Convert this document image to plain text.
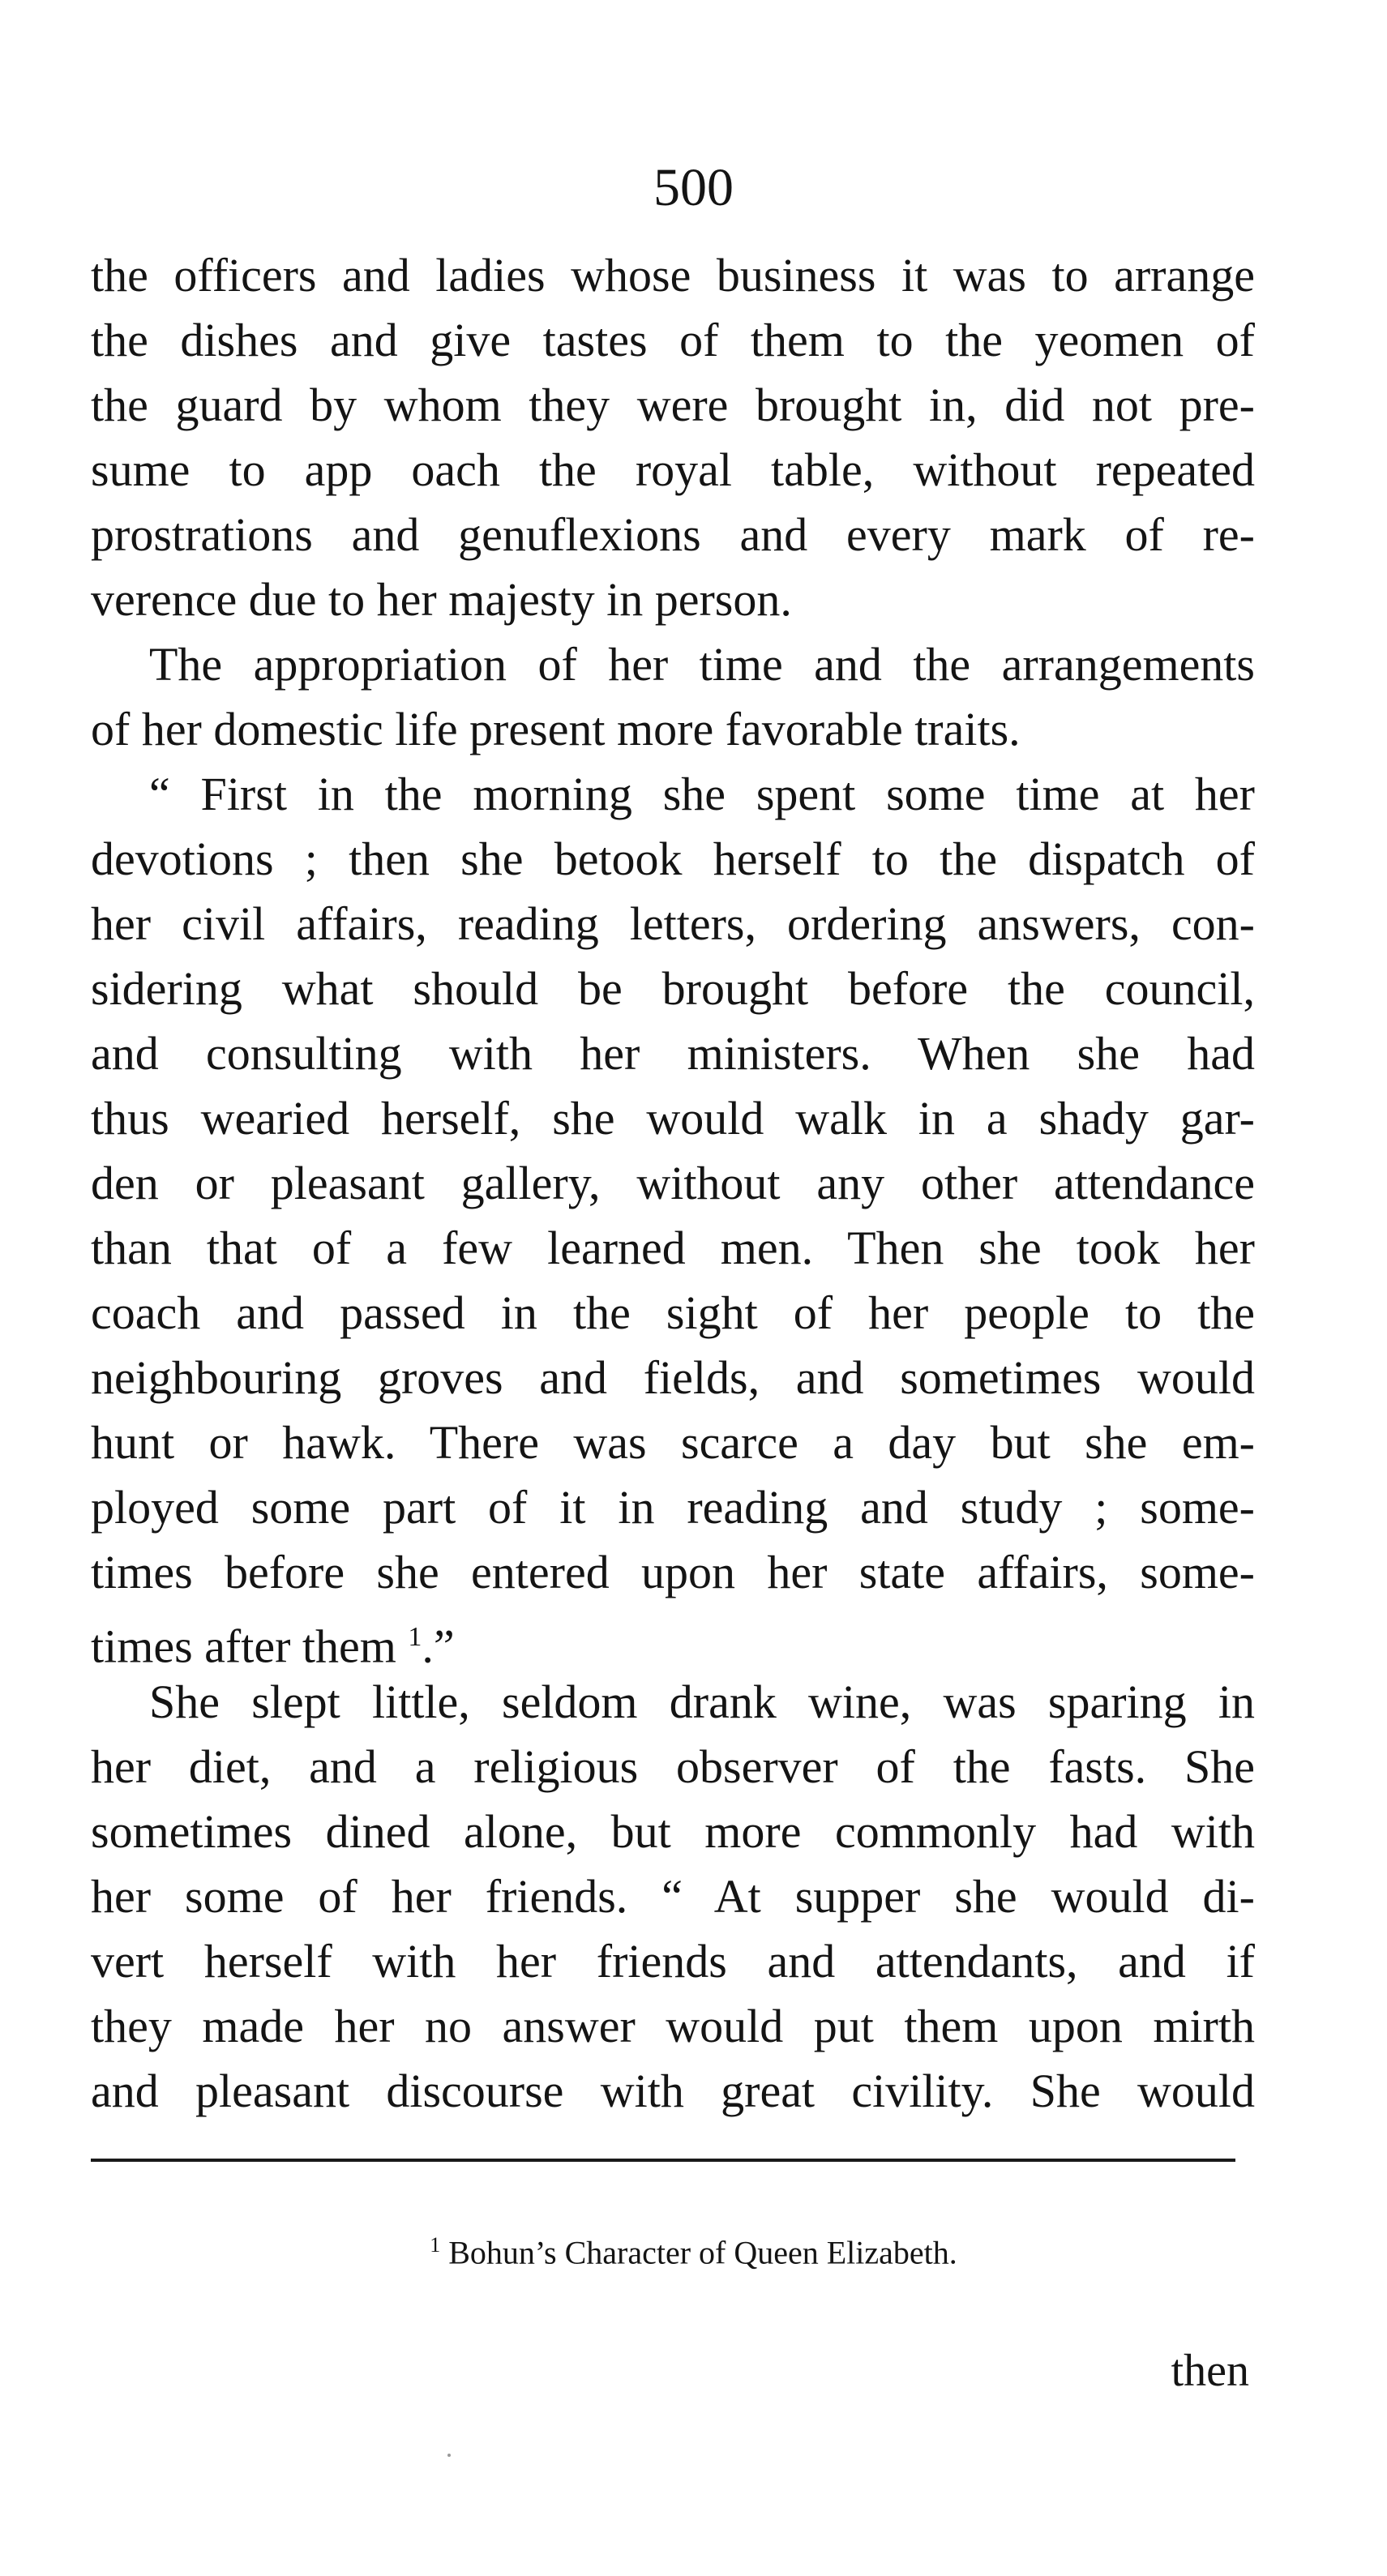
500
the officers and ladies whose business it was to arrange
the dishes and give tastes of them to the yeomen of
the guard by whom they were brought in, did not pre-
sume to app oach the royal table, without repeated
prostrations and genuflexions and every mark of re-
verence due to her majesty in person.
The appropriation of her time and the arrangements
of her domestic life present more favorable traits.
“ First in the morning she spent some time at her
devotions ; then she betook herself to the dispatch of
her civil affairs, reading letters, ordering answers, con-
sidering what should be brought before the council,
and consulting with her ministers. When she had
thus wearied herself, she would walk in a shady gar-
den or pleasant gallery, without any other attendance
than that of a few learned men. Then she took her
coach and passed in the sight of her people to the
neighbouring groves and fields, and sometimes would
hunt or hawk. There was scarce a day but she em-
ployed some part of it in reading and study ; some-
times before she entered upon her state affairs, some-
times after them $^1$.”
She slept little, seldom drank wine, was sparing in
her diet, and a religious observer of the fasts. She
sometimes dined alone, but more commonly had with
her some of her friends. “ At supper she would di-
vert herself with her friends and attendants, and if
they made her no answer would put them upon mirth
and pleasant discourse with great civility. She would
$^1$ Bohun’s Character of Queen Elizabeth.
then
